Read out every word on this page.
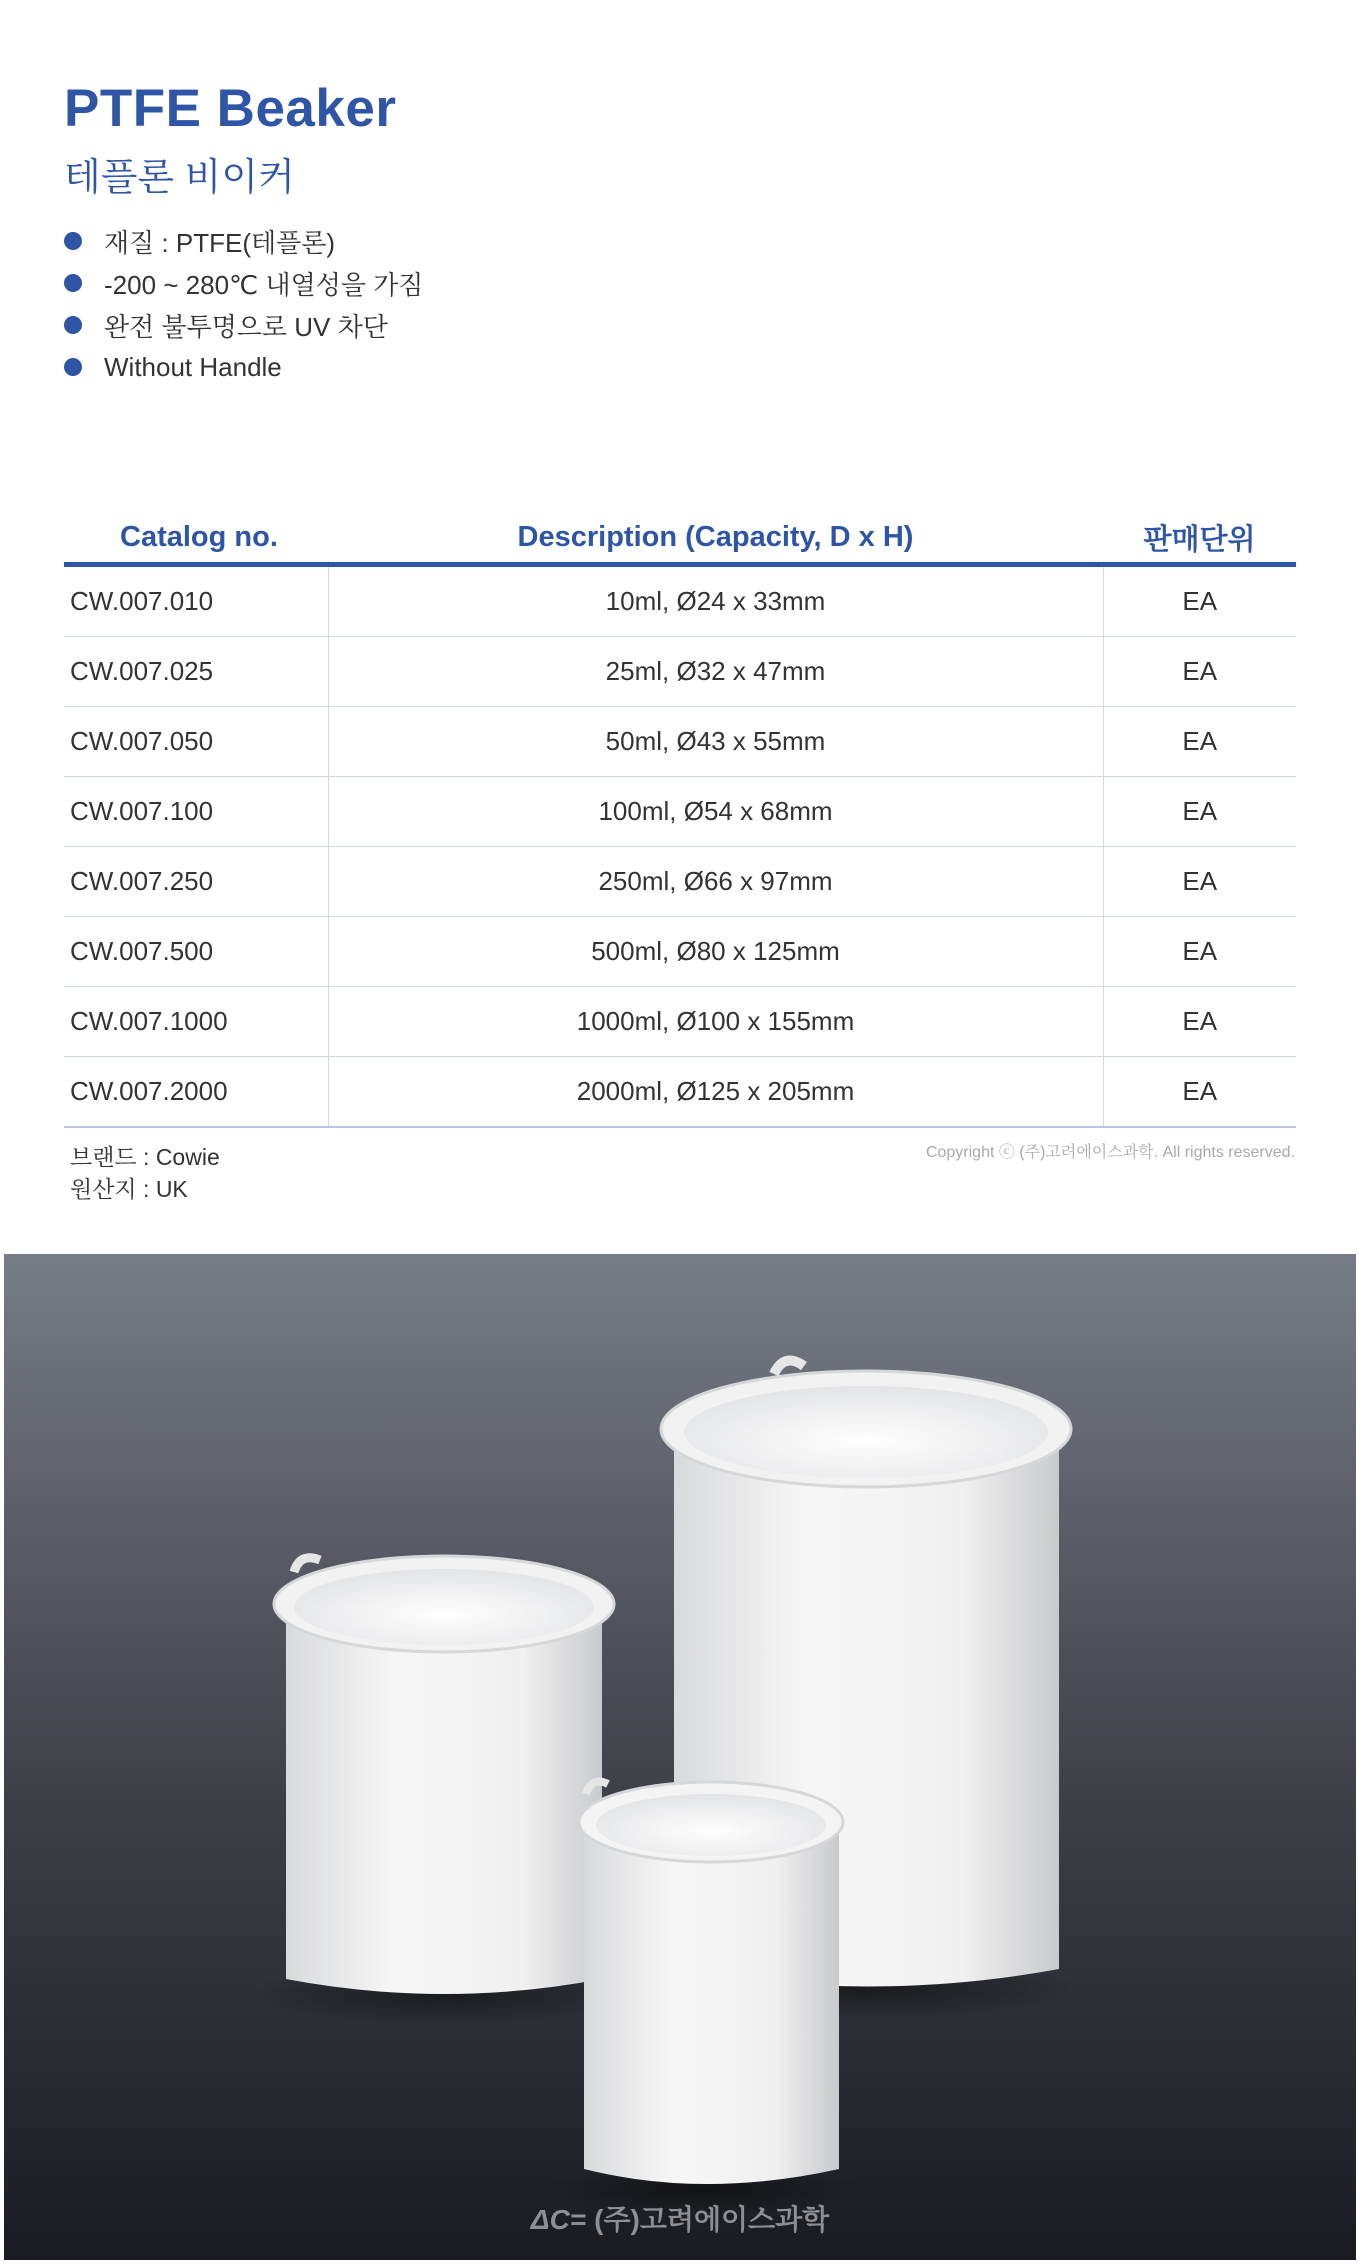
PTFE Beaker
테플론 비이커
재질 : PTFE(테플론)
-200 ~ 280℃ 내열성을 가짐
완전 불투명으로 UV 차단
Without Handle
Catalog no.	Description (Capacity, D x H)	판매단위
CW.007.010	10ml, Ø24 x 33mm	EA
CW.007.025	25ml, Ø32 x 47mm	EA
CW.007.050	50ml, Ø43 x 55mm	EA
CW.007.100	100ml, Ø54 x 68mm	EA
CW.007.250	250ml, Ø66 x 97mm	EA
CW.007.500	500ml, Ø80 x 125mm	EA
CW.007.1000	1000ml, Ø100 x 155mm	EA
CW.007.2000	2000ml, Ø125 x 205mm	EA
브랜드 : Cowie
원산지 : UK
Copyright ⓒ (주)고려에이스과학. All rights reserved.
ΔC= (주)고려에이스과학
